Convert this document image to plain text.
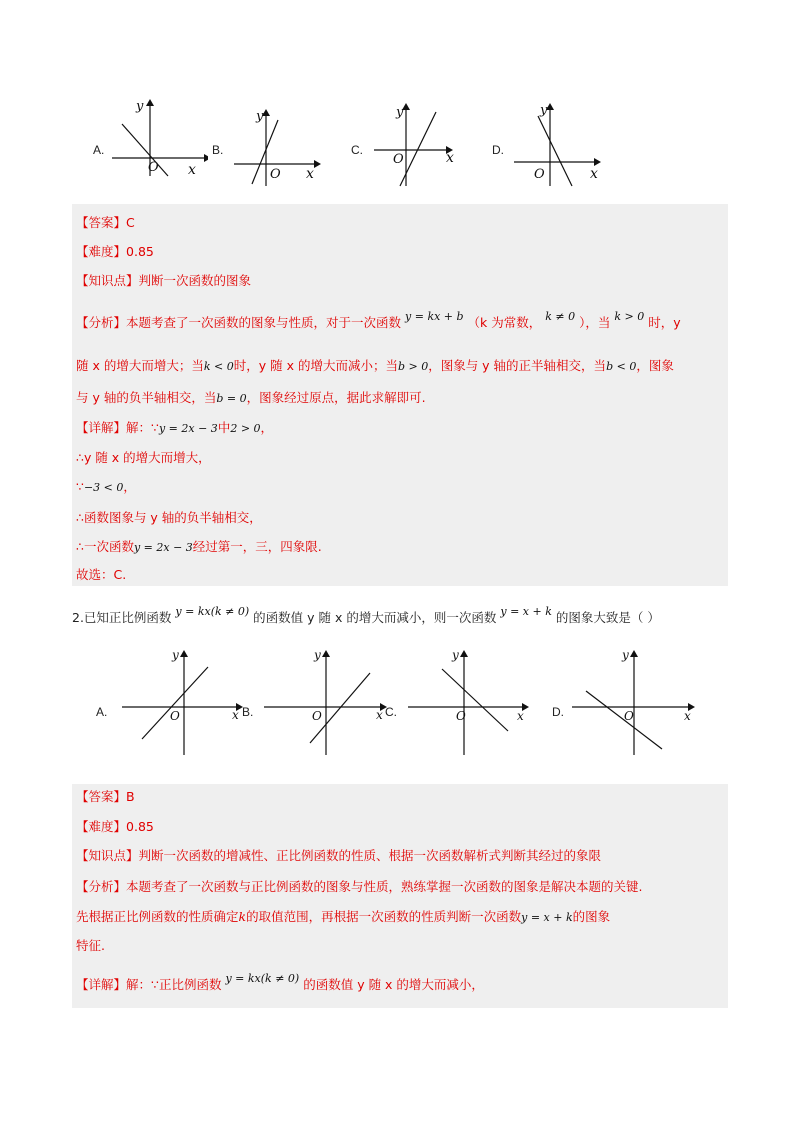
A.
y
x
O
B.
y
x
O
C.
y
x
O
D.
y
x
O
【答案】C
【难度】0.85
【知识点】判断一次函数的图象
【分析】本题考查了一次函数的图象与性质，对于一次函数 y = kx + b （k 为常数， k ≠ 0 ），当 k > 0 时，y
随 x 的增大而增大；当k < 0时，y 随 x 的增大而减小；当b > 0，图象与 y 轴的正半轴相交，当b < 0，图象
与 y 轴的负半轴相交，当b = 0，图象经过原点，据此求解即可.
【详解】解：∵y = 2x − 3中2 > 0，
∴y 随 x 的增大而增大，
∵−3 < 0，
∴函数图象与 y 轴的负半轴相交，
∴一次函数y = 2x − 3经过第一，三，四象限.
故选：C.
2.已知正比例函数 y = kx(k ≠ 0) 的函数值 y 随 x 的增大而减小，则一次函数 y = x + k 的图象大致是（ ）
A.
y
x
O	B.
y
x
O	C.
y
x
O	D.
y
x
O
【答案】B
【难度】0.85
【知识点】判断一次函数的增减性、正比例函数的性质、根据一次函数解析式判断其经过的象限
【分析】本题考查了一次函数与正比例函数的图象与性质，熟练掌握一次函数的图象是解决本题的关键.
先根据正比例函数的性质确定k的取值范围，再根据一次函数的性质判断一次函数y = x + k的图象
特征.
【详解】解：∵正比例函数 y = kx(k ≠ 0) 的函数值 y 随 x 的增大而减小，
